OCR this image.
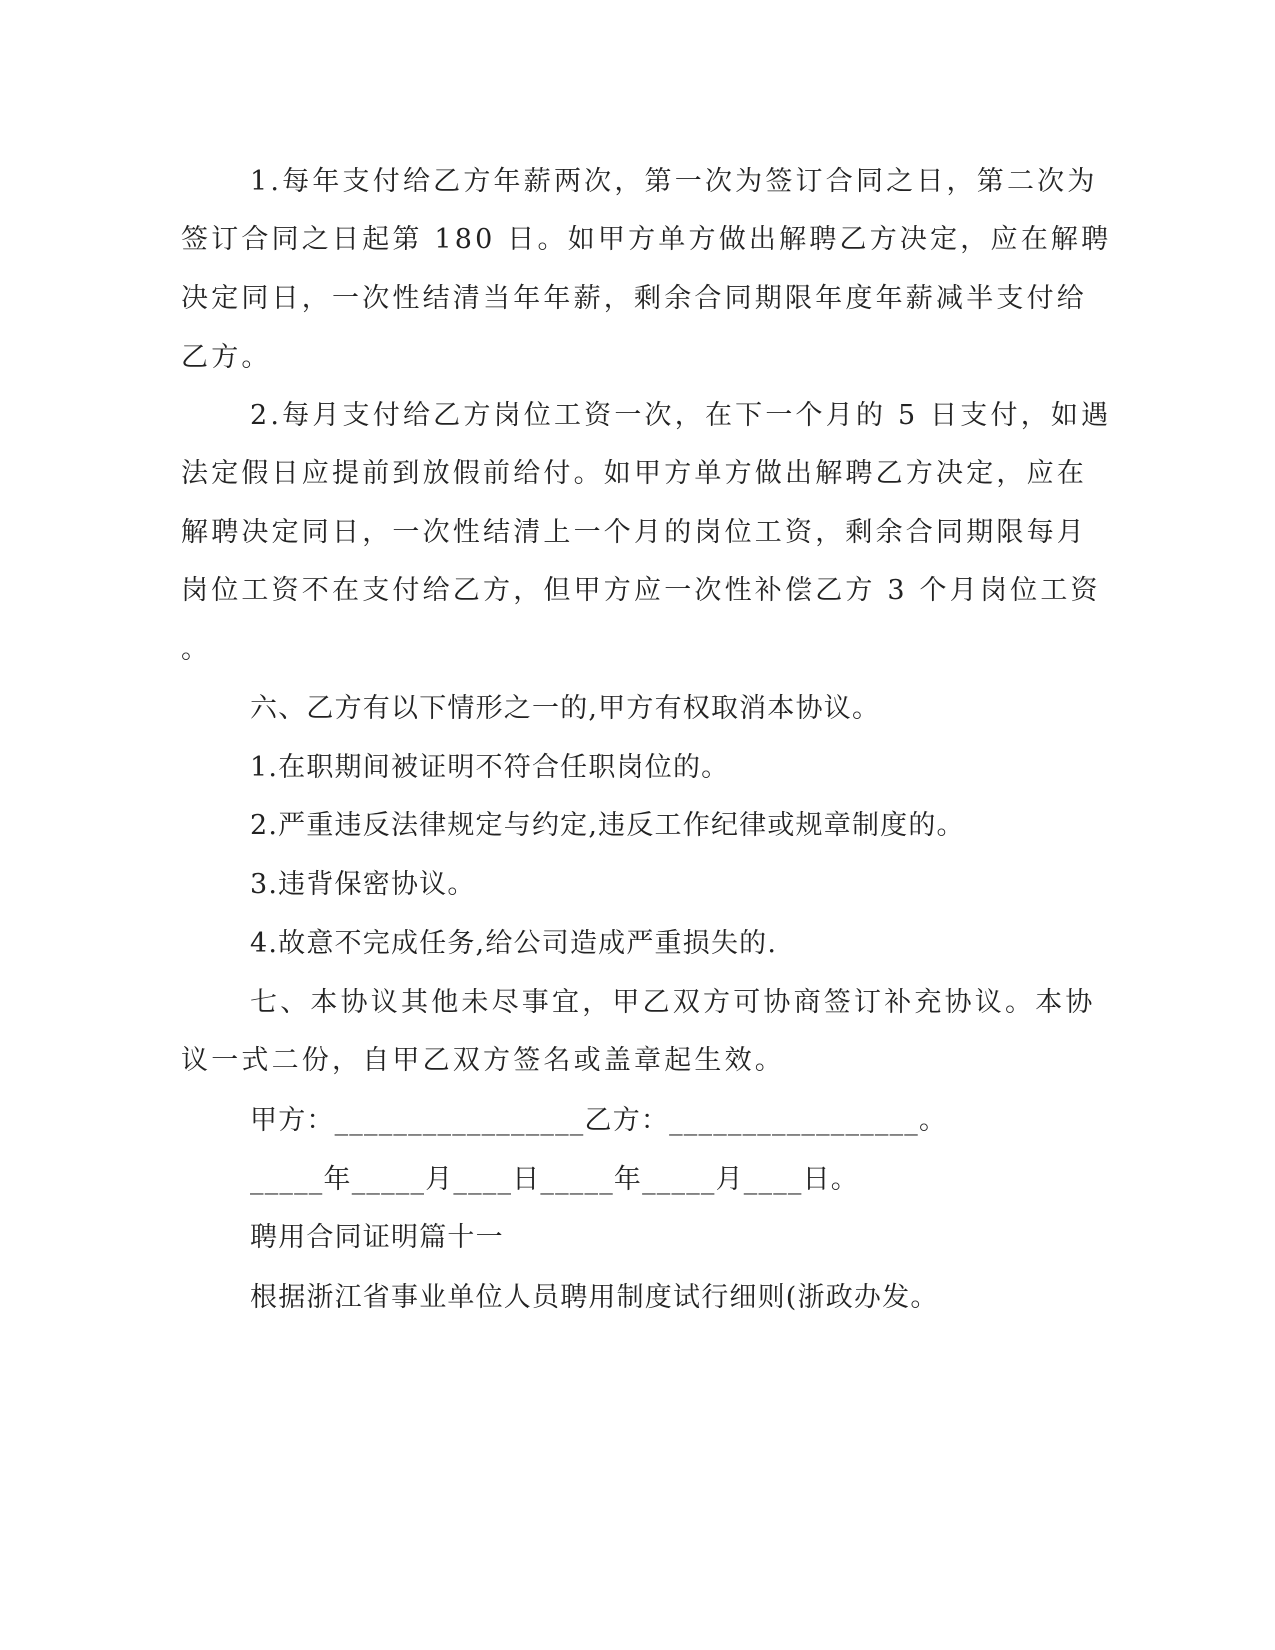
1.每年支付给乙方年薪两次，第一次为签订合同之日，第二次为
签订合同之日起第 180 日。如甲方单方做出解聘乙方决定，应在解聘
决定同日，一次性结清当年年薪，剩余合同期限年度年薪减半支付给
乙方。
2.每月支付给乙方岗位工资一次，在下一个月的 5 日支付，如遇
法定假日应提前到放假前给付。如甲方单方做出解聘乙方决定，应在
解聘决定同日，一次性结清上一个月的岗位工资，剩余合同期限每月
岗位工资不在支付给乙方，但甲方应一次性补偿乙方 3 个月岗位工资
。
六、乙方有以下情形之一的,甲方有权取消本协议。
1.在职期间被证明不符合任职岗位的。
2.严重违反法律规定与约定,违反工作纪律或规章制度的。
3.违背保密协议。
4.故意不完成任务,给公司造成严重损失的.
七、本协议其他未尽事宜，甲乙双方可协商签订补充协议。本协
议一式二份，自甲乙双方签名或盖章起生效。
甲方：_________________乙方：_________________。
_____年_____月____日_____年_____月____日。
聘用合同证明篇十一
根据浙江省事业单位人员聘用制度试行细则(浙政办发。
